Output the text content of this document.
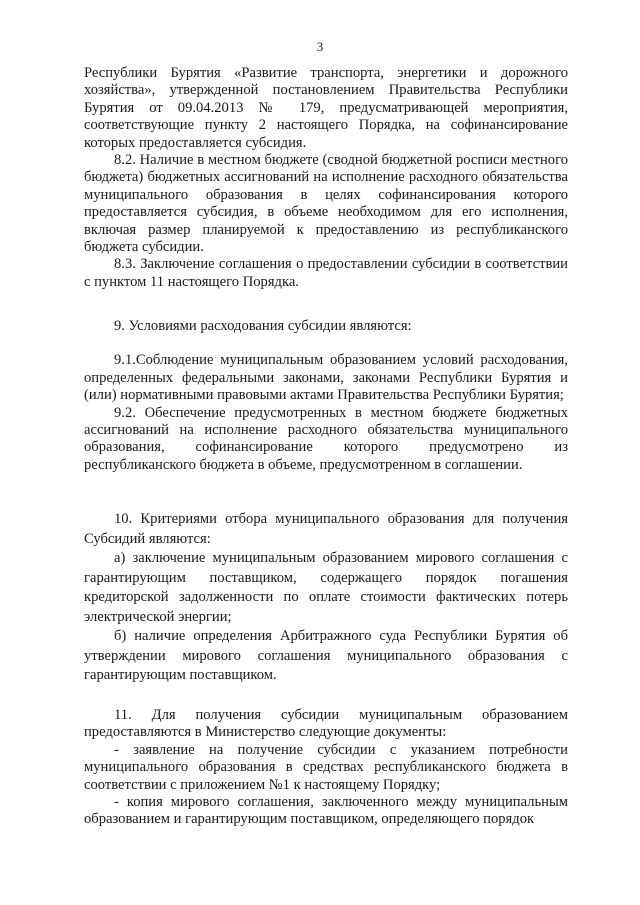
3

Республики Бурятия «Развитие транспорта, энергетики и дорожного хозяйства», утвержденной постановлением Правительства Республики Бурятия от 09.04.2013 № 179, предусматривающей мероприятия, соответствующие пункту 2 настоящего Порядка, на софинансирование которых предоставляется субсидия.

8.2. Наличие в местном бюджете (сводной бюджетной росписи местного бюджета) бюджетных ассигнований на исполнение расходного обязательства муниципального образования в целях софинансирования которого предоставляется субсидия, в объеме необходимом для его исполнения, включая размер планируемой к предоставлению из республиканского бюджета субсидии.

8.3. Заключение соглашения о предоставлении субсидии в соответствии с пунктом 11 настоящего Порядка.

9. Условиями расходования субсидии являются:

9.1.Соблюдение муниципальным образованием условий расходования, определенных федеральными законами, законами Республики Бурятия и (или) нормативными правовыми актами Правительства Республики Бурятия;

9.2. Обеспечение предусмотренных в местном бюджете бюджетных ассигнований на исполнение расходного обязательства муниципального образования, софинансирование которого предусмотрено из республиканского бюджета в объеме, предусмотренном в соглашении.

10. Критериями отбора муниципального образования для получения Субсидий являются:

а) заключение муниципальным образованием мирового соглашения с гарантирующим поставщиком, содержащего порядок погашения кредиторской задолженности по оплате стоимости фактических потерь электрической энергии;

б) наличие определения Арбитражного суда Республики Бурятия об утверждении мирового соглашения муниципального образования с гарантирующим поставщиком.

11. Для получения субсидии муниципальным образованием предоставляются в Министерство следующие документы:

- заявление на получение субсидии с указанием потребности муниципального образования в средствах республиканского бюджета в соответствии с приложением №1 к настоящему Порядку;

- копия мирового соглашения, заключенного между муниципальным образованием и гарантирующим поставщиком, определяющего порядок
